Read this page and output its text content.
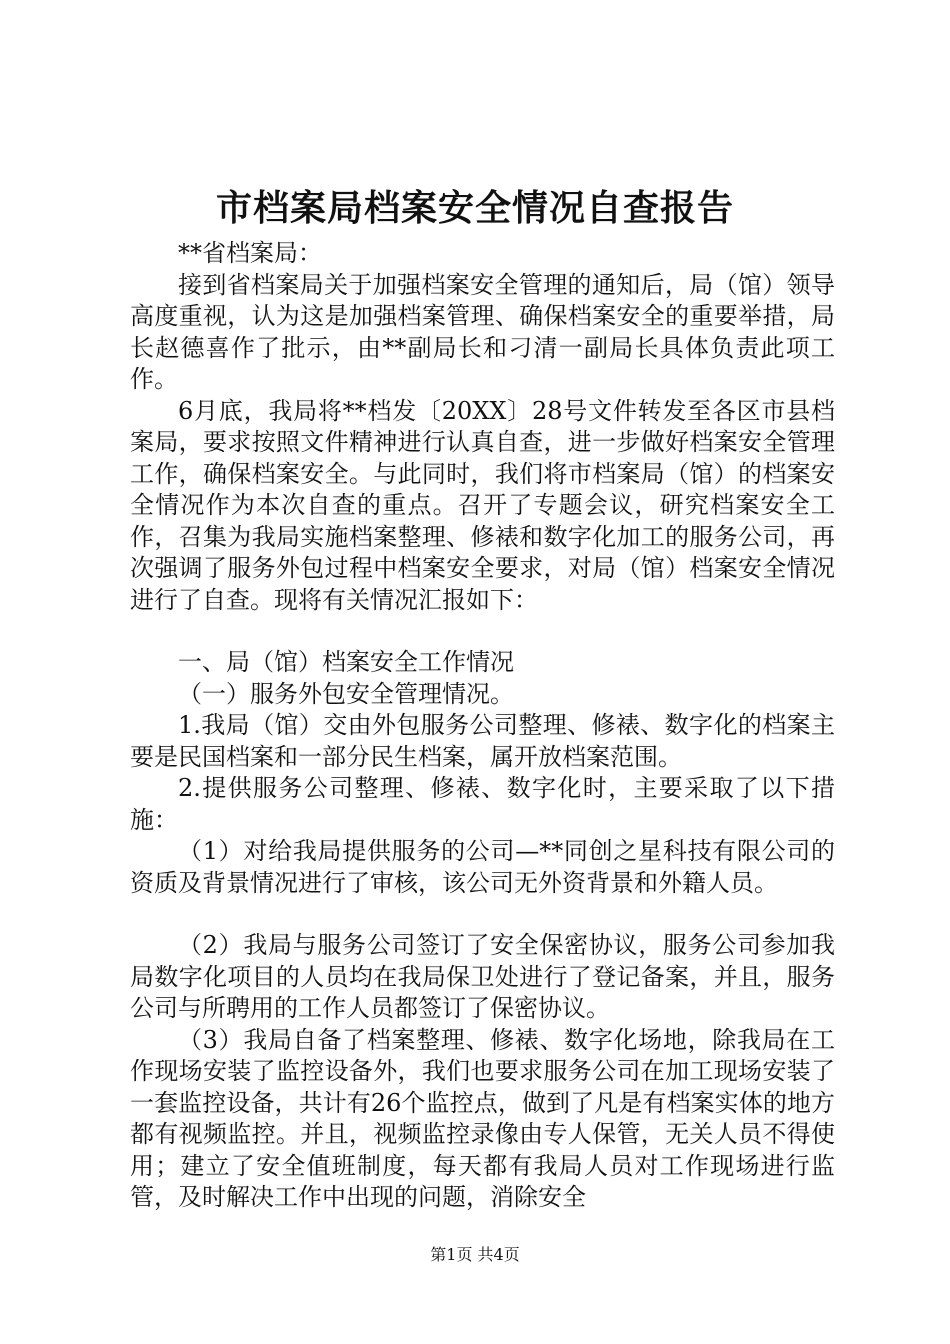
市档案局档案安全情况自查报告

**省档案局：

接到省档案局关于加强档案安全管理的通知后，局（馆）领导高度重视，认为这是加强档案管理、确保档案安全的重要举措，局长赵德喜作了批示，由**副局长和刁清一副局长具体负责此项工作。

6月底，我局将**档发〔20XX〕28号文件转发至各区市县档案局，要求按照文件精神进行认真自查，进一步做好档案安全管理工作，确保档案安全。与此同时，我们将市档案局（馆）的档案安全情况作为本次自查的重点。召开了专题会议，研究档案安全工作，召集为我局实施档案整理、修裱和数字化加工的服务公司，再次强调了服务外包过程中档案安全要求，对局（馆）档案安全情况进行了自查。现将有关情况汇报如下：

一、局（馆）档案安全工作情况

（一）服务外包安全管理情况。

1.我局（馆）交由外包服务公司整理、修裱、数字化的档案主要是民国档案和一部分民生档案，属开放档案范围。

2.提供服务公司整理、修裱、数字化时，主要采取了以下措施：

（1）对给我局提供服务的公司—**同创之星科技有限公司的资质及背景情况进行了审核，该公司无外资背景和外籍人员。

（2）我局与服务公司签订了安全保密协议，服务公司参加我局数字化项目的人员均在我局保卫处进行了登记备案，并且，服务公司与所聘用的工作人员都签订了保密协议。

（3）我局自备了档案整理、修裱、数字化场地，除我局在工作现场安装了监控设备外，我们也要求服务公司在加工现场安装了一套监控设备，共计有26个监控点，做到了凡是有档案实体的地方都有视频监控。并且，视频监控录像由专人保管，无关人员不得使用；建立了安全值班制度，每天都有我局人员对工作现场进行监管，及时解决工作中出现的问题，消除安全

第1页 共4页
